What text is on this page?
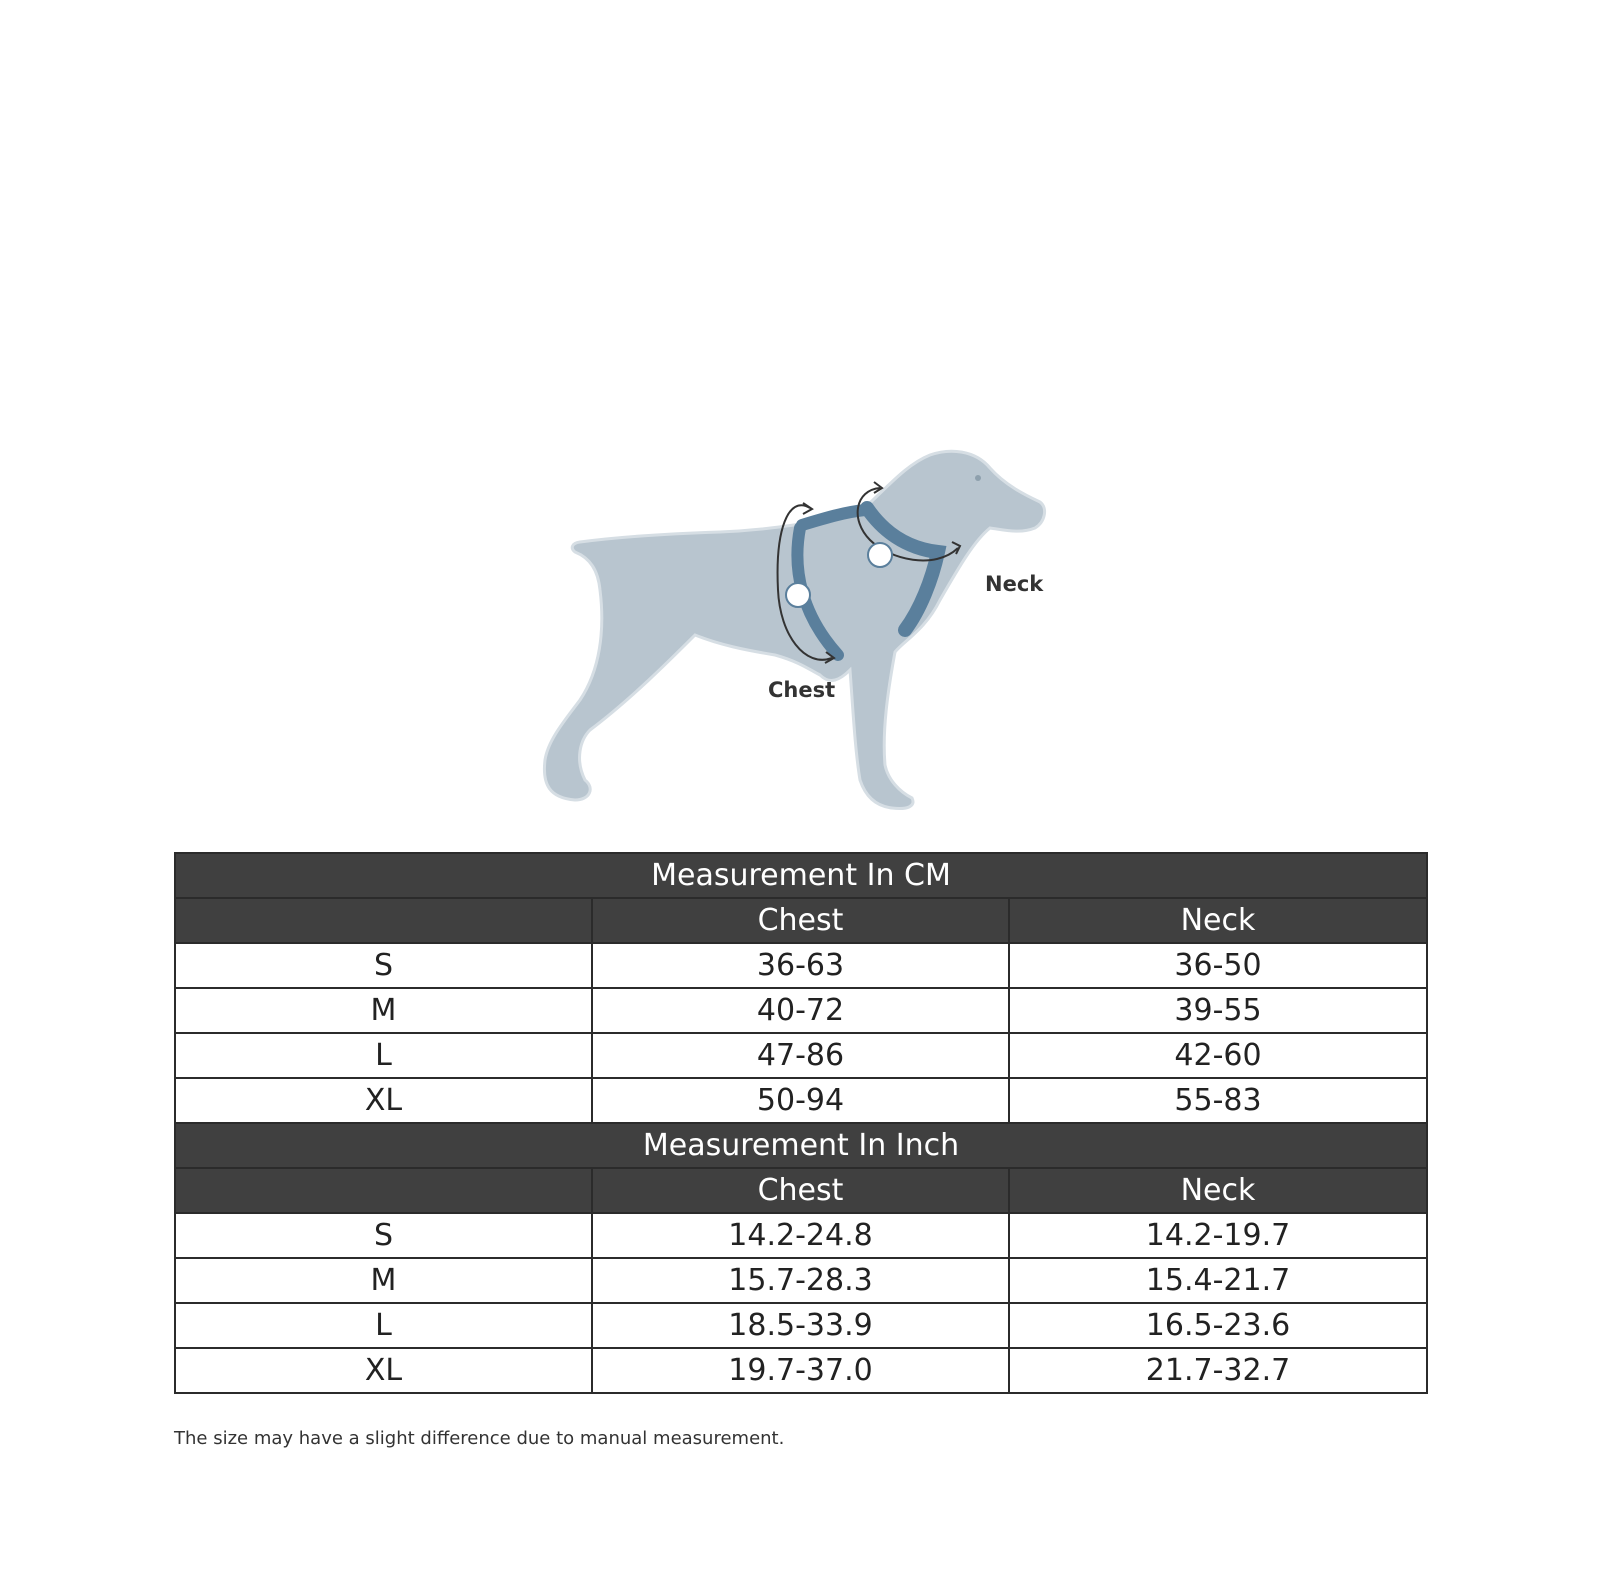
Chest
Neck
Measurement In CM		
	Chest	Neck
S	36-63	36-50
M	40-72	39-55
L	47-86	42-60
XL	50-94	55-83
Measurement In Inch		
	Chest	Neck
S	14.2-24.8	14.2-19.7
M	15.7-28.3	15.4-21.7
L	18.5-33.9	16.5-23.6
XL	19.7-37.0	21.7-32.7
The size may have a slight difference due to manual measurement.
